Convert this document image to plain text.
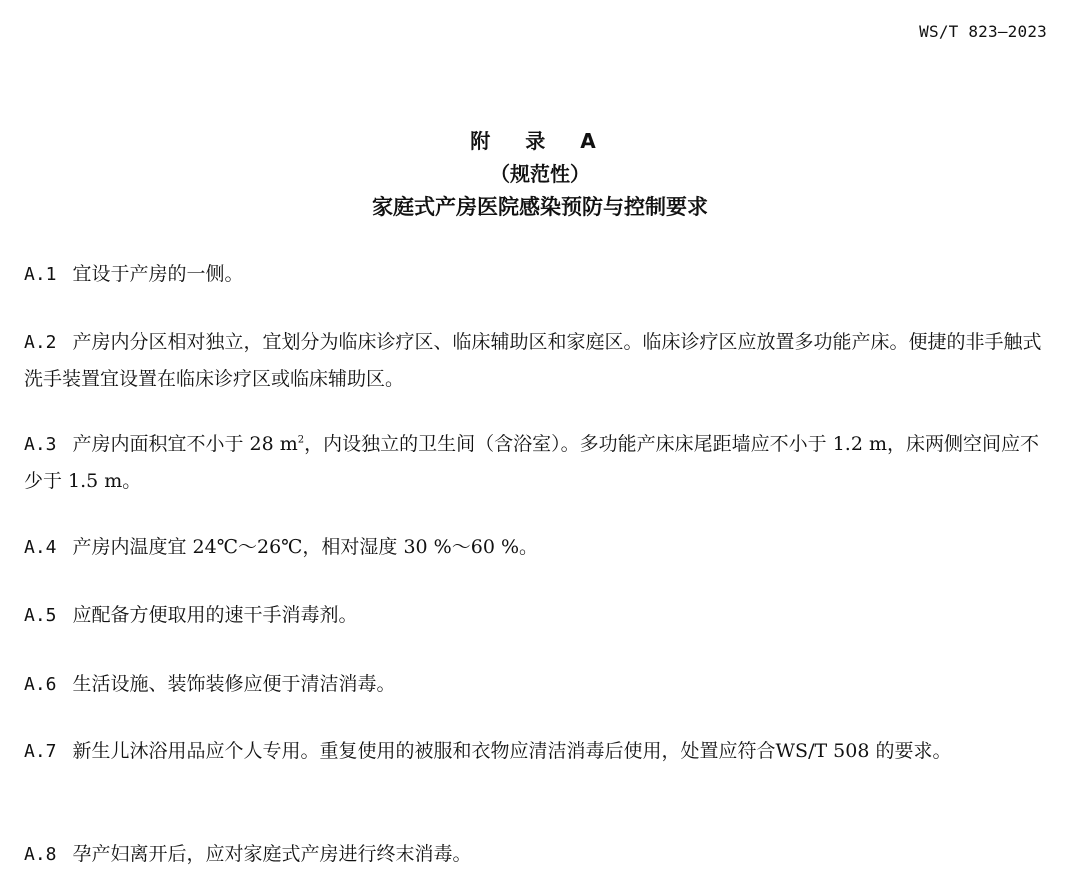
WS/T 823—2023
附 录 A
（规范性）
家庭式产房医院感染预防与控制要求
A.1 宜设于产房的一侧。
A.2 产房内分区相对独立，宜划分为临床诊疗区、临床辅助区和家庭区。临床诊疗区应放置多功能产床。便捷的非手触式洗手装置宜设置在临床诊疗区或临床辅助区。
A.3 产房内面积宜不小于 28 $m^2$，内设独立的卫生间（含浴室）。多功能产床床尾距墙应不小于 1.2 m，床两侧空间应不少于 1.5 m。
A.4 产房内温度宜 24℃～26℃，相对湿度 30 %～60 %。
A.5 应配备方便取用的速干手消毒剂。
A.6 生活设施、装饰装修应便于清洁消毒。
A.7 新生儿沐浴用品应个人专用。重复使用的被服和衣物应清洁消毒后使用，处置应符合WS/T 508 的要求。
A.8 孕产妇离开后，应对家庭式产房进行终末消毒。
